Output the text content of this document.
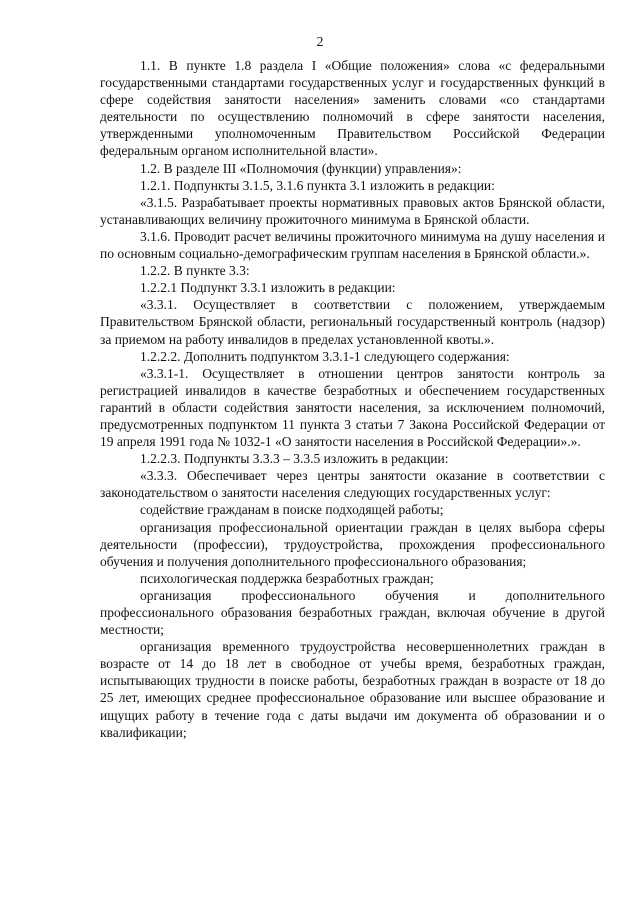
2

1.1. В пункте 1.8 раздела I «Общие положения» слова «с федеральными государственными стандартами государственных услуг и государственных функций в сфере содействия занятости населения» заменить словами «со стандартами деятельности по осуществлению полномочий в сфере занятости населения, утвержденными уполномоченным Правительством Российской Федерации федеральным органом исполнительной власти».

1.2. В разделе III «Полномочия (функции) управления»:

1.2.1. Подпункты 3.1.5, 3.1.6 пункта 3.1 изложить в редакции:

«3.1.5. Разрабатывает проекты нормативных правовых актов Брянской области, устанавливающих величину прожиточного минимума в Брянской области.

3.1.6. Проводит расчет величины прожиточного минимума на душу населения и по основным социально-демографическим группам населения в Брянской области.».

1.2.2. В пункте 3.3:

1.2.2.1 Подпункт 3.3.1 изложить в редакции:

«3.3.1. Осуществляет в соответствии с положением, утверждаемым Правительством Брянской области, региональный государственный контроль (надзор) за приемом на работу инвалидов в пределах установленной квоты.».

1.2.2.2. Дополнить подпунктом 3.3.1-1 следующего содержания:

«3.3.1-1. Осуществляет в отношении центров занятости контроль за регистрацией инвалидов в качестве безработных и обеспечением государственных гарантий в области содействия занятости населения, за исключением полномочий, предусмотренных подпунктом 11 пункта 3 статьи 7 Закона Российской Федерации от 19 апреля 1991 года № 1032-1 «О занятости населения в Российской Федерации».».

1.2.2.3. Подпункты 3.3.3 – 3.3.5 изложить в редакции:

«3.3.3. Обеспечивает через центры занятости оказание в соответствии с законодательством о занятости населения следующих государственных услуг:

содействие гражданам в поиске подходящей работы;

организация профессиональной ориентации граждан в целях выбора сферы деятельности (профессии), трудоустройства, прохождения профессионального обучения и получения дополнительного профессионального образования;

психологическая поддержка безработных граждан;

организация профессионального обучения и дополнительного профессионального образования безработных граждан, включая обучение в другой местности;

организация временного трудоустройства несовершеннолетних граждан в возрасте от 14 до 18 лет в свободное от учебы время, безработных граждан, испытывающих трудности в поиске работы, безработных граждан в возрасте от 18 до 25 лет, имеющих среднее профессиональное образование или высшее образование и ищущих работу в течение года с даты выдачи им документа об образовании и о квалификации;
